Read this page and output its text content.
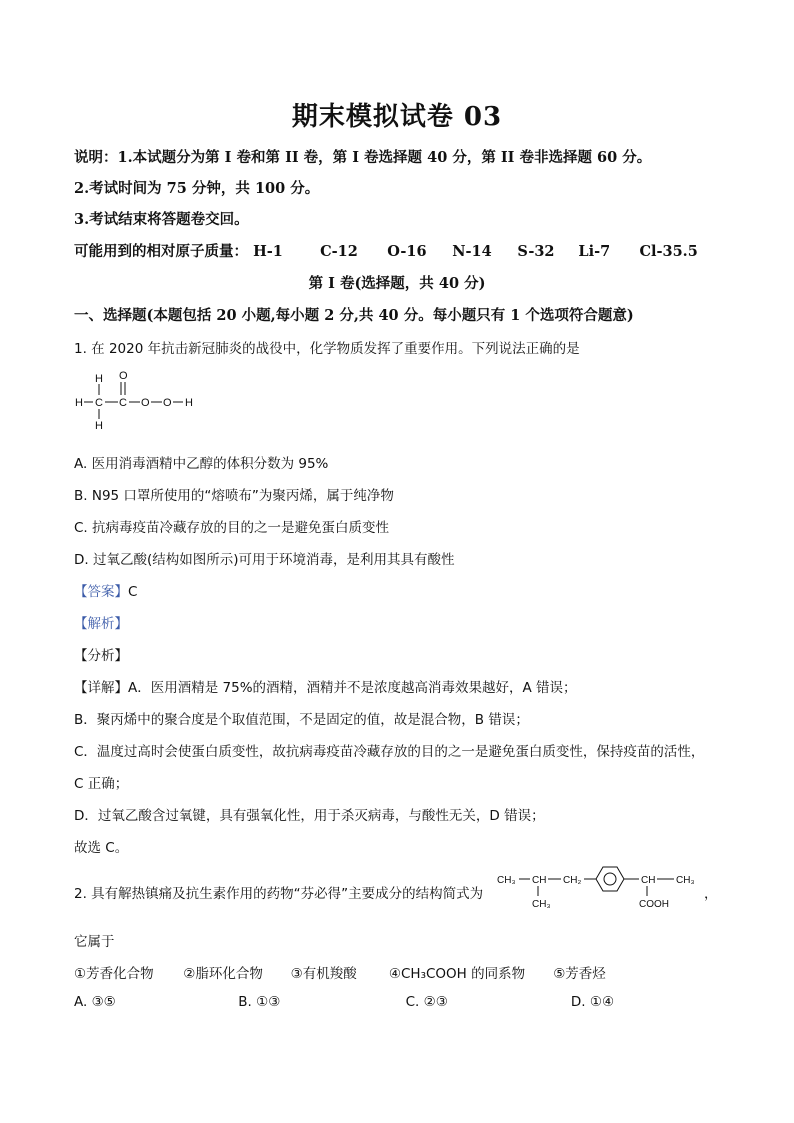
期末模拟试卷 03
说明：1.本试题分为第 I 卷和第 II 卷，第 I 卷选择题 40 分，第 II 卷非选择题 60 分。
2.考试时间为 75 分钟，共 100 分。
3.考试结束将答题卷交回。
可能用到的相对原子质量： H-1	C-12 O-16 N-14 S-32 Li-7 Cl-35.5
第 I 卷(选择题，共 40 分)
一、选择题(本题包括 20 小题,每小题 2 分,共 40 分。每小题只有 1 个选项符合题意)
1. 在 2020 年抗击新冠肺炎的战役中，化学物质发挥了重要作用。下列说法正确的是
H
H C
H
C
O
O O H
A. 医用消毒酒精中乙醇的体积分数为 95%
B. N95 口罩所使用的“熔喷布”为聚丙烯，属于纯净物
C. 抗病毒疫苗冷藏存放的目的之一是避免蛋白质变性
D. 过氧乙酸(结构如图所示)可用于环境消毒，是利用其具有酸性
【答案】C
【解析】
【分析】
【详解】A．医用酒精是 75%的酒精，酒精并不是浓度越高消毒效果越好，A 错误；
B．聚丙烯中的聚合度是个取值范围，不是固定的值，故是混合物，B 错误；
C．温度过高时会使蛋白质变性，故抗病毒疫苗冷藏存放的目的之一是避免蛋白质变性，保持疫苗的活性，
C 正确；
D．过氧乙酸含过氧键，具有强氧化性，用于杀灭病毒，与酸性无关，D 错误；
故选 C。
2. 具有解热镇痛及抗生素作用的药物“芬必得”主要成分的结构简式为
CH₃ CH
CH₃
CH₂	CH CH₃
COOH
，
它属于
①芳香化合物 ②脂环化合物 ③有机羧酸 ④CH₃COOH 的同系物 ⑤芳香烃
A. ③⑤	B. ①③	C. ②③	D. ①④
